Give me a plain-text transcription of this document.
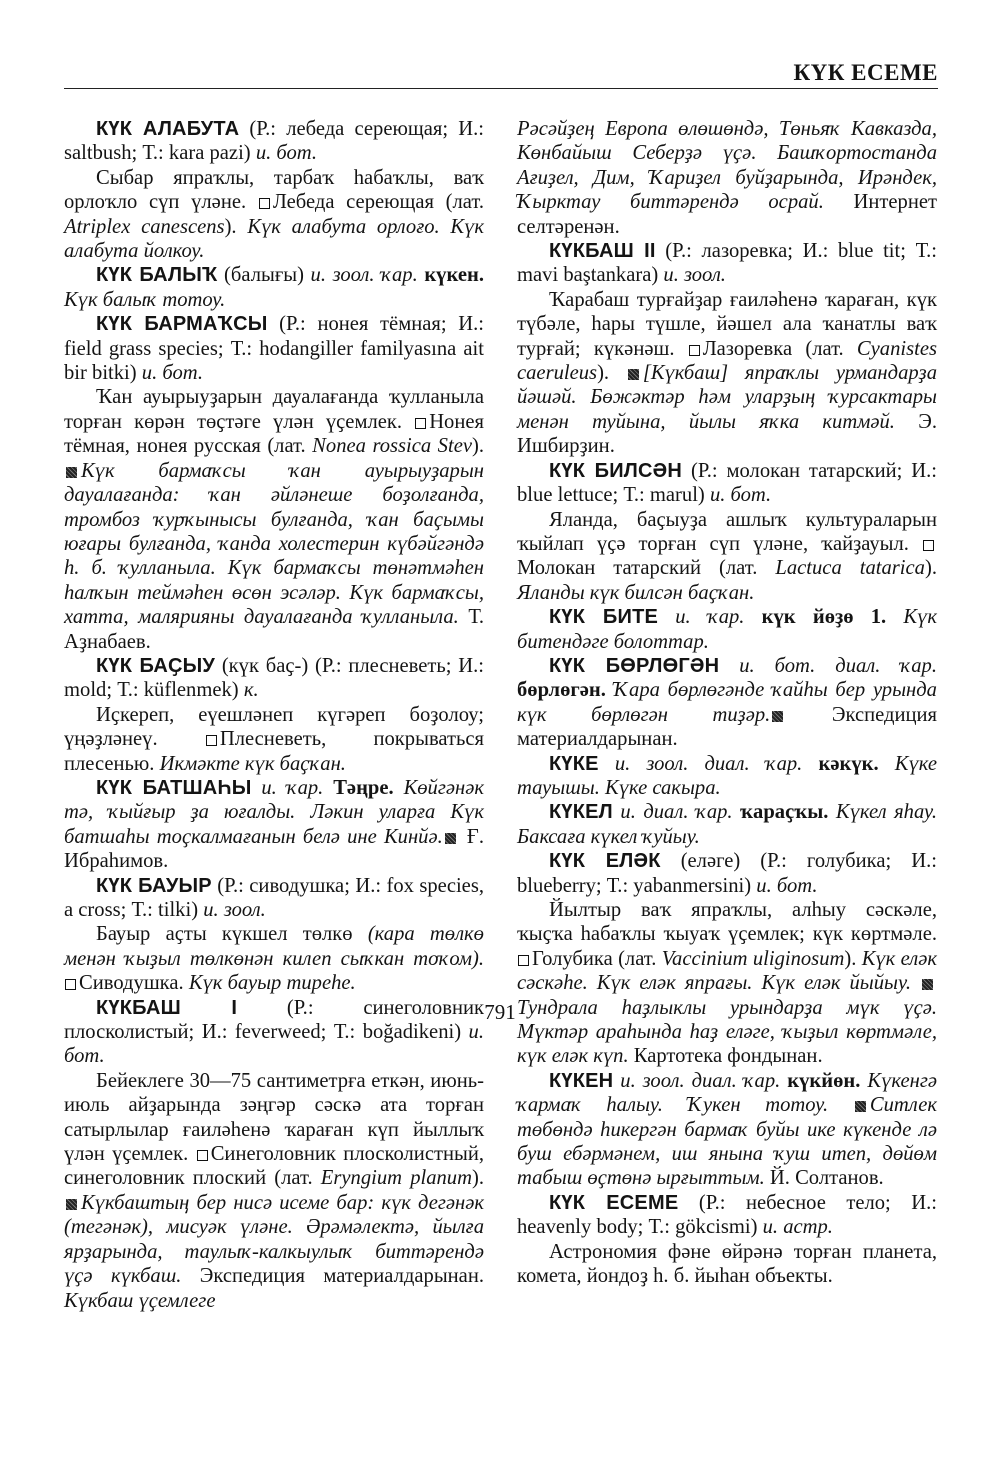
КҮК ЕСЕМЕ

КҮК АЛАБУТА (Р.: лебеда сереющая; И.: saltbush; Т.: kara pazi) и. бот.

Сыбар япраҡлы, тарбаҡ һабаҡлы, ваҡ орлоҡло сүп үләне. Лебеда сереющая (лат. Atriplex canescens). Күк алабута орлоғо. Күк алабута йолкоу.

КҮК БАЛЫҠ (балығы) и. зоол. ҡар. күкен. Күк балыҡ тотоу.

КҮК БАРМАҠСЫ (Р.: нонея тёмная; И.: field grass species; Т.: hodangiller familyasına ait bir bitki) и. бот.

Ҡан ауырыуҙарын дауалағанда ҡулланыла торған көрән төҫтәге үлән үҫемлек. Нонея тёмная, нонея русская (лат. Nonea rossica Stev). Күк бармаҡсы ҡан ауырыуҙарын дауалағанда: ҡан әйләнеше боҙолғанда, тромбоз ҡурҡыныcы булғанда, ҡан баҫымы юғары булғанда, ҡанда холестерин күбәйгәндә һ. б. ҡулланыла. Күк бармаҡсы төнәтмәһен һалҡын теймәһен өсөн эсәләр. Күк бармаҡсы, хатта, малярияны дауалағанда ҡулланыла. Т. Аҙнабаев.

КҮК БАҪЫУ (күк баҫ-) (Р.: плесневеть; И.: mold; Т.: küflenmek) к.

Иҫкереп, еүешләнеп күгәреп боҙолоу; үңәҙләнеү. Плесневеть, покрываться плесенью. Икмәкте күк баҫҡан.

КҮК БАТШАҺЫ и. ҡар. Тәңре. Көйгәнәк тә, ҡыйғыр ҙа юғалды. Ләкин уларға Күк батшаһы тоҫкалмағанын белә ине Кинйә. Ғ. Ибраһимов.

КҮК БАУЫР (Р.: сиводушка; И.: fox species, a cross; Т.: tilki) и. зоол.

Бауыр аҫты күкшел төлкө (кара төлкө менән ҡыҙыл төлкөнән килеп сыҡкан тоҡом). Сиводушка. Күк бауыр тиреһе.

КҮКБАШ I (Р.: синеголовник плосколистый; И.: feverweed; Т.: boğadikeni) и. бот.

Бейеклеге 30—75 сантиметрға еткән, июнь-июль айҙарында зәңгәр сәскә ата торған сатырлылар ғаиләһенә ҡараған күп йыллыҡ үлән үҫемлек. Синеголовник плосколистный, синеголовник плоский (лат. Eryngium planum). Күкбаштың бер нисә исеме бар: күк дегәнәк (тегәнәк), мисуәк үләне. Әрәмәлектә, йылға ярҙарында, таулыҡ-калкыулыҡ биттәрендә үҫә күкбаш. Экспедиция материалдарынан. Күкбаш үҫемлеге

Рәсәйҙең Европа өлөшөндә, Төньяҡ Кавказда, Көнбайыш Себерҙә үҫә. Башҡортостанда Ағиҙел, Дим, Ҡариҙел буйҙарында, Ирәндек, Ҡырктау биттәрендә осрай. Интернет селтәренән.

КҮКБАШ II (Р.: лазоревка; И.: blue tit; Т.: mavi baştankara) и. зоол.

Ҡарабаш турғайҙар ғаиләһенә ҡараған, күк түбәле, һары түшле, йәшел ала ҡанатлы ваҡ турғай; күкәнәш. Лазоревка (лат. Cyanistes caeruleus). [Күкбаш] япраҡлы урмандарҙа йәшәй. Бөжәктәр һәм уларҙың ҡурсактары менән туйына, йылы яҡка китмәй. Э. Ишбирҙин.

КҮК БИЛСӘН (Р.: молокан татарский; И.: blue lettuce; Т.: marul) и. бот.

Яланда, баҫыуҙа ашлыҡ культураларын ҡыйлап үҫә торған сүп үләне, ҡайҙауыл. Молокан татарский (лат. Lactuca tatarica). Яланды күк билсән баҫҡан.

КҮК БИТЕ и. ҡар. күк йөҙө 1. Күк битендәге болоттар.

КҮК БӨРЛӨГӘН и. бот. диал. ҡар. бөрлөгән. Ҡара бөрлөгәнде ҡайһы бер урында күк бөрлөгән тиҙәр. Экспедиция материалдарынан.

КҮКЕ и. зоол. диал. ҡар. кәкүк. Күке тауышы. Күке сакыра.

КҮКЕЛ и. диал. ҡар. ҡараҫҡы. Күкел яһау. Баксаға күкел ҡуйыу.

КҮК ЕЛӘК (еләге) (Р.: голубика; И.: blueberry; Т.: yabanmersini) и. бот.

Йылтыр ваҡ япраҡлы, алһыу сәскәле, ҡыҫҡа һабаҡлы ҡыуаҡ үҫемлек; күк көртмәле. Голубика (лат. Vaccinium uliginosum). Күк еләк сәскәһе. Күк еләк япрағы. Күк еләк йыйыу. Тундрала һаҙлыклы урындарҙа мүк үҫә. Мүктәр араһында һаҙ еләге, ҡыҙыл көртмәле, күк еләк күп. Картотека фондынан.

КҮКЕН и. зоол. диал. ҡар. күкйөн. Күкенгә ҡармаҡ һалыу. Ҡукен тотоу. Ситлек төбөндә һикергән бармаҡ буйы ике күкенде лә буш ебәрмәнем, иш янына ҡуш итеп, дөйөм табыш өҫтөнә ырғыттым. Й. Солтанов.

КҮК ЕСЕМЕ (Р.: небесное тело; И.: heavenly body; Т.: gökcismi) и. астр.

Астрономия фәне өйрәнә торған планета, комета, йондоҙ һ. б. йыһан объекты.

791
